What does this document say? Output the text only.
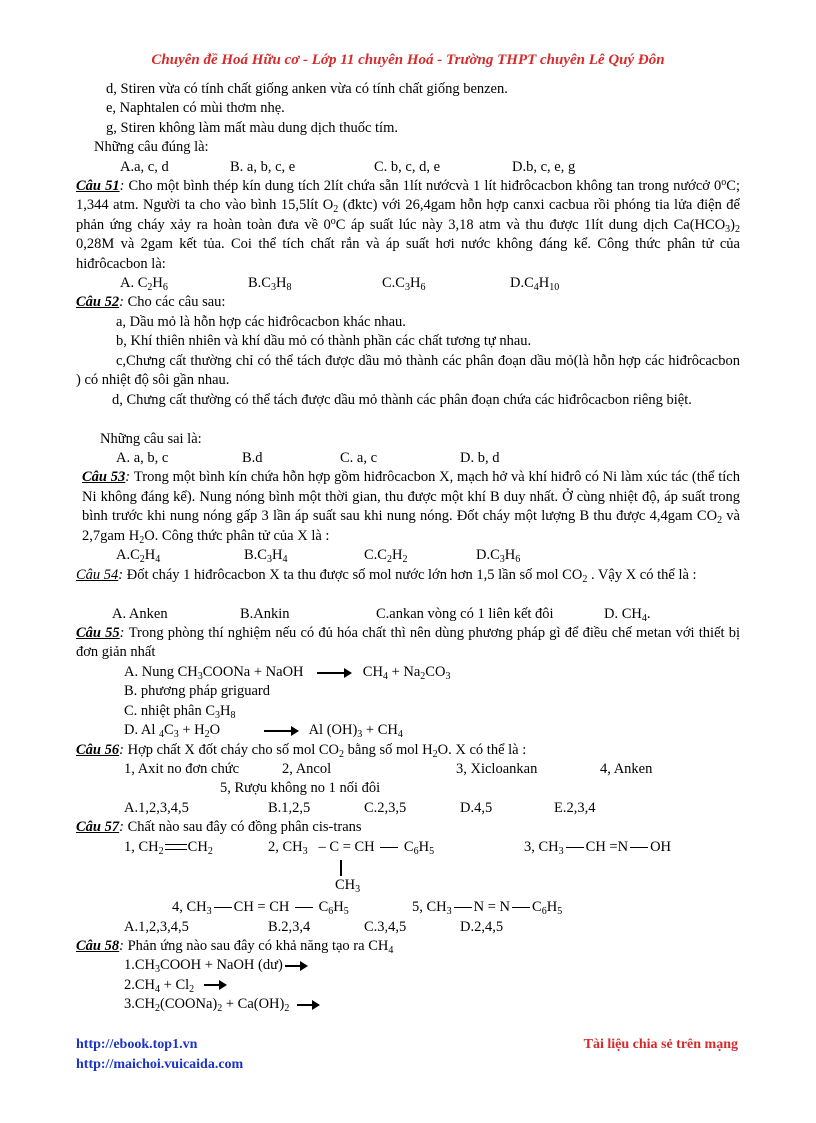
Chuyên đề Hoá Hữu cơ - Lớp 11 chuyên Hoá - Trường THPT chuyên Lê Quý Đôn
d, Stiren vừa có tính chất giống anken vừa có tính chất giống benzen.
e, Naphtalen có mùi thơm nhẹ.
g, Stiren không làm mất màu dung dịch thuốc tím.
Những câu đúng là:
A.a, c, d	B. a, b, c, e	C. b, c, d, e	D.b, c, e, g
Câu 51: Cho một bình thép kín dung tích 2lít chứa sẵn 1lít nướcvà 1 lít hiđrôcacbon không tan trong nướcở 0$^o$C; 1,344 atm. Người ta cho vào bình 15,5lít $O_2$ (đktc) với 26,4gam hỗn hợp canxi cacbua rồi phóng tia lửa điện để phản ứng cháy xảy ra hoàn toàn đưa về 0$^o$C áp suất lúc này 3,18 atm và thu được 1lít dung dịch $Ca(HCO_3)_2$ 0,28M và 2gam kết tủa. Coi thể tích chất rắn và áp suất hơi nước không đáng kể. Công thức phân tử của hiđrôcacbon là:
A. $C_2H_6$	$B.C_3H_8$	$C.C_3H_6$	$D.C_4H_{10}$
Câu 52: Cho các câu sau:
a, Dầu mỏ là hỗn hợp các hiđrôcacbon khác nhau.
b, Khí thiên nhiên và khí dầu mỏ có thành phần các chất tương tự nhau.
c,Chưng cất thường chỉ có thể tách được dầu mỏ thành các phân đoạn dầu mỏ(là hỗn hợp các hiđrôcacbon ) có nhiệt độ sôi gần nhau.
d, Chưng cất thường có thể tách được dầu mỏ thành các phân đoạn chứa các hiđrôcacbon riêng biệt.
Những câu sai là:
A. a, b, c	B.d	C. a, c	D. b, d
Câu 53: Trong một bình kín chứa hỗn hợp gồm hiđrôcacbon X, mạch hở và khí hiđrô có Ni làm xúc tác (thể tích Ni không đáng kể). Nung nóng bình một thời gian, thu được một khí B duy nhất. Ở cùng nhiệt độ, áp suất trong bình trước khi nung nóng gấp 3 lần áp suất sau khi nung nóng. Đốt cháy một lượng B thu được 4,4gam $CO_2$ và 2,7gam $H_2O$. Công thức phân tử của X là :
$A.C_2H_4$	$B.C_3H_4$	$C.C_2H_2$	$D.C_3H_6$
Câu 54: Đốt cháy 1 hiđrôcacbon X ta thu được số mol nước lớn hơn 1,5 lần số mol $CO_2$ . Vậy X có thể là :
A. Anken	B.Ankin	C.ankan vòng có 1 liên kết đôi	D. $CH_4$.
Câu 55: Trong phòng thí nghiệm nếu có đủ hóa chất thì nên dùng phương pháp gì để điều chế metan với thiết bị đơn giản nhất
A. Nung $CH_3COONa$ + NaOH	$CH_4 + Na_2CO_3$
B. phương pháp griguard
C. nhiệt phân $C_3H_8$
D. Al $_4C_3 + H_2O$	Al $(OH)_3 + CH_4$
Câu 56: Hợp chất X đốt cháy cho số mol $CO_2$ bằng số mol $H_2O$. X có thể là :
1, Axit no đơn chức	2, Ancol	3, Xicloankan	4, Anken
5, Rượu không no 1 nối đôi
A.1,2,3,4,5	B.1,2,5	C.2,3,5	D.4,5	E.2,3,4
Câu 57: Chất nào sau đây có đồng phân cis-trans
1, $CH_2$ $CH_2$	2, $CH_3$ – C = CH $C_6H_5$
$CH_3$
3, $CH_3$ CH =N OH
4, $CH_3$ CH = CH $C_6H_5$	5, $CH_3$ N = N $C_6H_5$
A.1,2,3,4,5	B.2,3,4	C.3,4,5	D.2,4,5
Câu 58: Phản ứng nào sau đây có khả năng tạo ra $CH_4$
$1.CH_3COOH$ + NaOH (dư)
$2.CH_4 + Cl_2$
$3.CH_2(COONa)_2 + Ca(OH)_2$
http://ebook.top1.vn
http://maichoi.vuicaida.com
Tài liệu chia sẻ trên mạng
